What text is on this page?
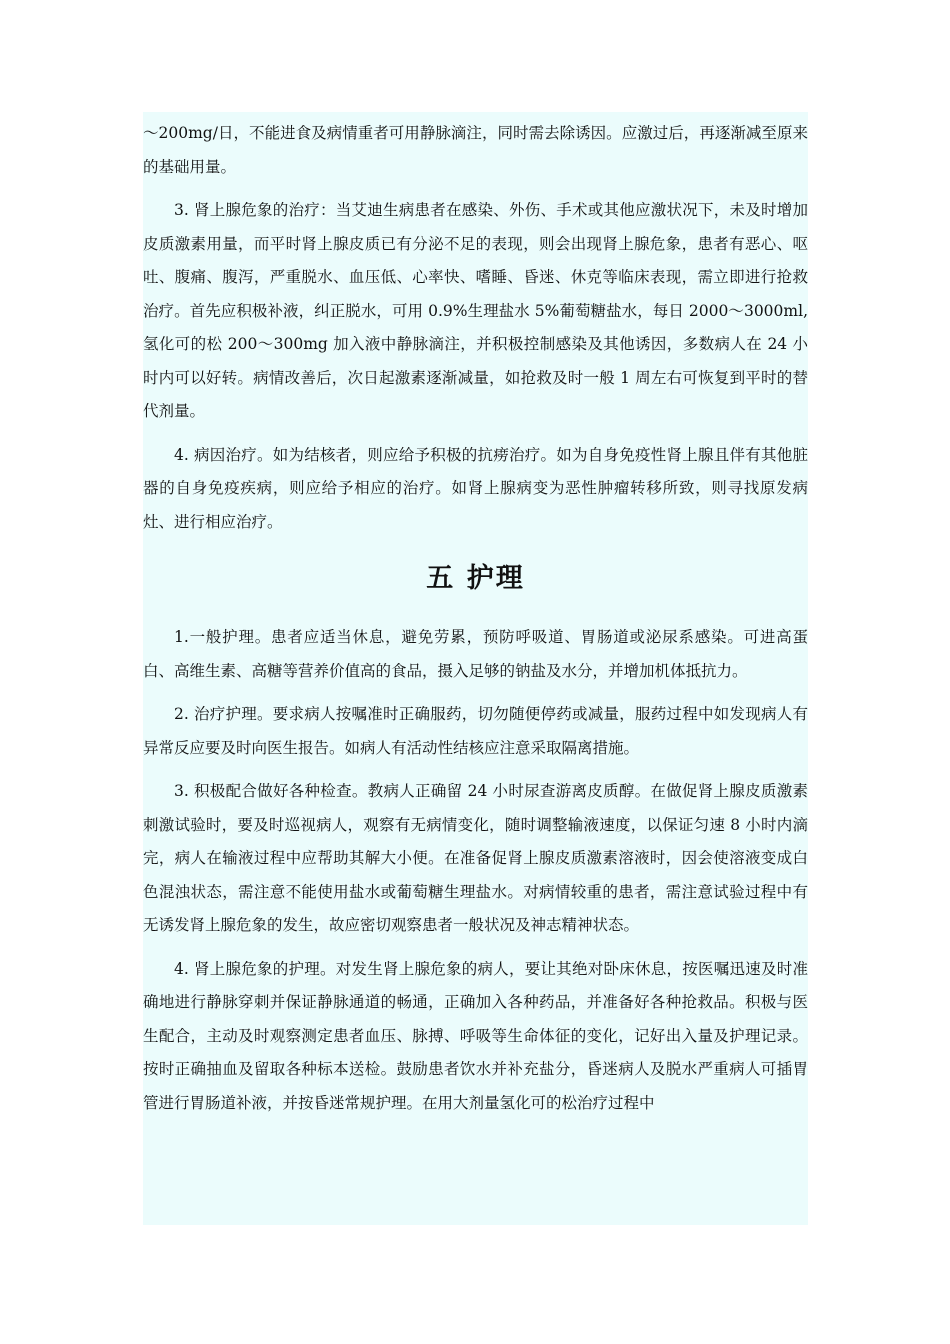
～200mg/日，不能进食及病情重者可用静脉滴注，同时需去除诱因。应激过后，再逐渐减至原来的基础用量。

3. 肾上腺危象的治疗：当艾迪生病患者在感染、外伤、手术或其他应激状况下，未及时增加皮质激素用量，而平时肾上腺皮质已有分泌不足的表现，则会出现肾上腺危象，患者有恶心、呕吐、腹痛、腹泻，严重脱水、血压低、心率快、嗜睡、昏迷、休克等临床表现，需立即进行抢救治疗。首先应积极补液，纠正脱水，可用 0.9%生理盐水 5%葡萄糖盐水，每日 2000～3000ml,氢化可的松 200～300mg 加入液中静脉滴注，并积极控制感染及其他诱因，多数病人在 24 小时内可以好转。病情改善后，次日起激素逐渐减量，如抢救及时一般 1 周左右可恢复到平时的替代剂量。

4. 病因治疗。如为结核者，则应给予积极的抗痨治疗。如为自身免疫性肾上腺且伴有其他脏器的自身免疫疾病，则应给予相应的治疗。如肾上腺病变为恶性肿瘤转移所致，则寻找原发病灶、进行相应治疗。

五 护理

1.一般护理。患者应适当休息，避免劳累，预防呼吸道、胃肠道或泌尿系感染。可进高蛋白、高维生素、高糖等营养价值高的食品，摄入足够的钠盐及水分，并增加机体抵抗力。

2. 治疗护理。要求病人按嘱准时正确服药，切勿随便停药或减量，服药过程中如发现病人有异常反应要及时向医生报告。如病人有活动性结核应注意采取隔离措施。

3. 积极配合做好各种检查。教病人正确留 24 小时尿查游离皮质醇。在做促肾上腺皮质激素刺激试验时，要及时巡视病人，观察有无病情变化，随时调整输液速度，以保证匀速 8 小时内滴完，病人在输液过程中应帮助其解大小便。在准备促肾上腺皮质激素溶液时，因会使溶液变成白色混浊状态，需注意不能使用盐水或葡萄糖生理盐水。对病情较重的患者，需注意试验过程中有无诱发肾上腺危象的发生，故应密切观察患者一般状况及神志精神状态。

4. 肾上腺危象的护理。对发生肾上腺危象的病人，要让其绝对卧床休息，按医嘱迅速及时准确地进行静脉穿刺并保证静脉通道的畅通，正确加入各种药品，并准备好各种抢救品。积极与医生配合，主动及时观察测定患者血压、脉搏、呼吸等生命体征的变化，记好出入量及护理记录。按时正确抽血及留取各种标本送检。鼓励患者饮水并补充盐分，昏迷病人及脱水严重病人可插胃管进行胃肠道补液，并按昏迷常规护理。在用大剂量氢化可的松治疗过程中
